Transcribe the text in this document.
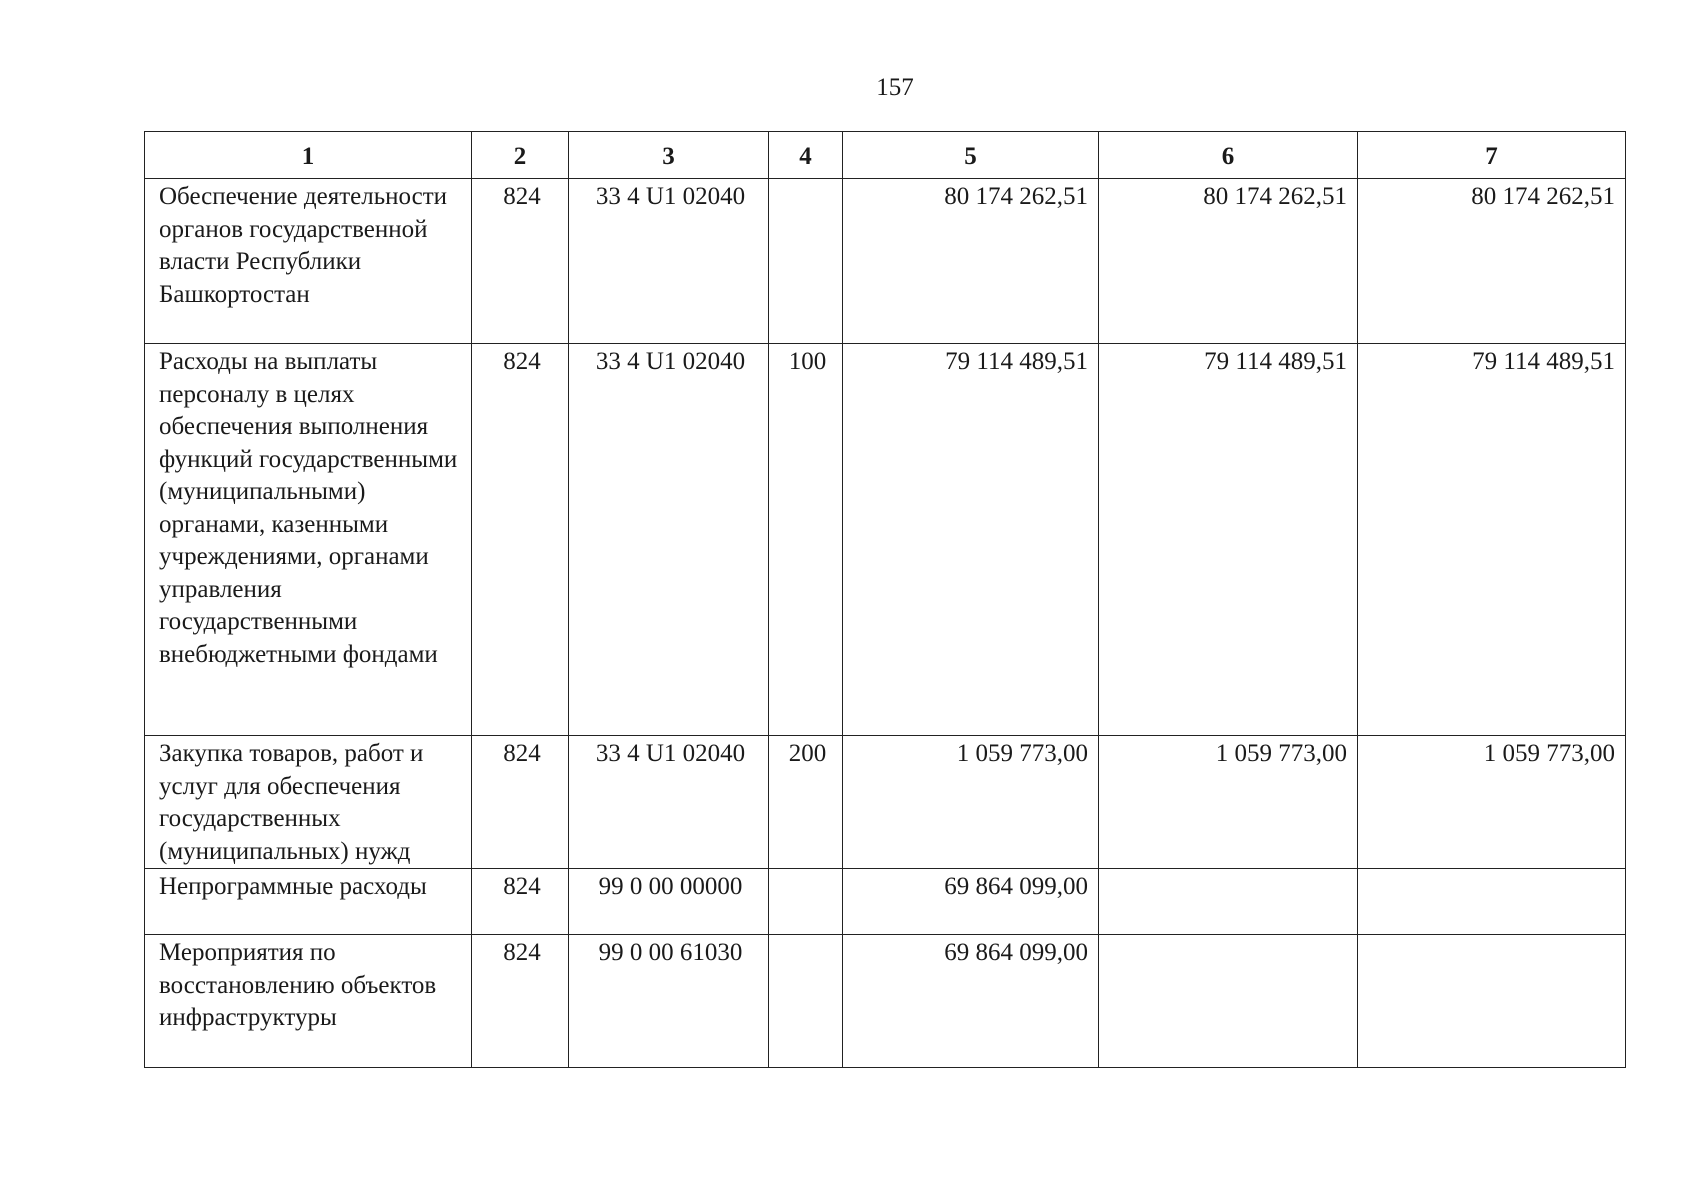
157
1	2	3	4	5	6	7
Обеспечение деятельности органов государственной власти Республики Башкортостан	824	33 4 U1 02040		80 174 262,51	80 174 262,51	80 174 262,51
Расходы на выплаты персоналу в целях обеспечения выполнения функций государственными (муниципальными) органами, казенными учреждениями, органами управления государственными внебюджетными фондами	824	33 4 U1 02040	100	79 114 489,51	79 114 489,51	79 114 489,51
Закупка товаров, работ и услуг для обеспечения государственных (муниципальных) нужд	824	33 4 U1 02040	200	1 059 773,00	1 059 773,00	1 059 773,00
Непрограммные расходы	824	99 0 00 00000		69 864 099,00		
Мероприятия по восстановлению объектов инфраструктуры	824	99 0 00 61030		69 864 099,00		
